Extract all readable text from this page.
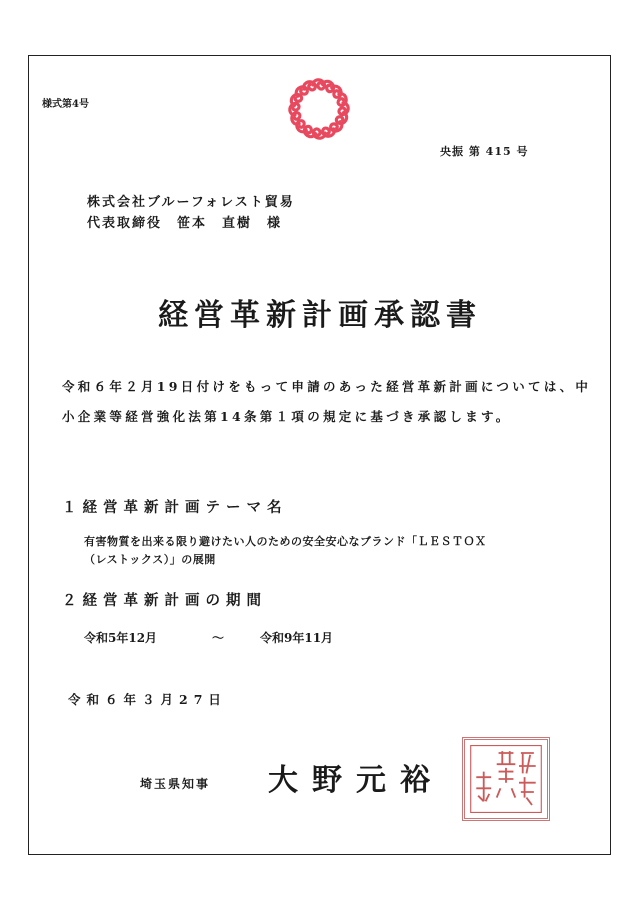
様式第4号
央振 第 415 号
株式会社ブルーフォレスト貿易
代表取締役　笹本　直樹　様
経営革新計画承認書
令和６年２月19日付けをもって申請のあった経営革新計画については、中小企業等経営強化法第14条第１項の規定に基づき承認します。
１経営革新計画テーマ名
有害物質を出来る限り避けたい人のための安全安心なブランド「ＬＥＳＴＯＸ
（レストックス）」の展開
２経営革新計画の期間
令和5年12月	～	令和9年11月
令和６年３月27日
埼玉県知事 大野元裕
